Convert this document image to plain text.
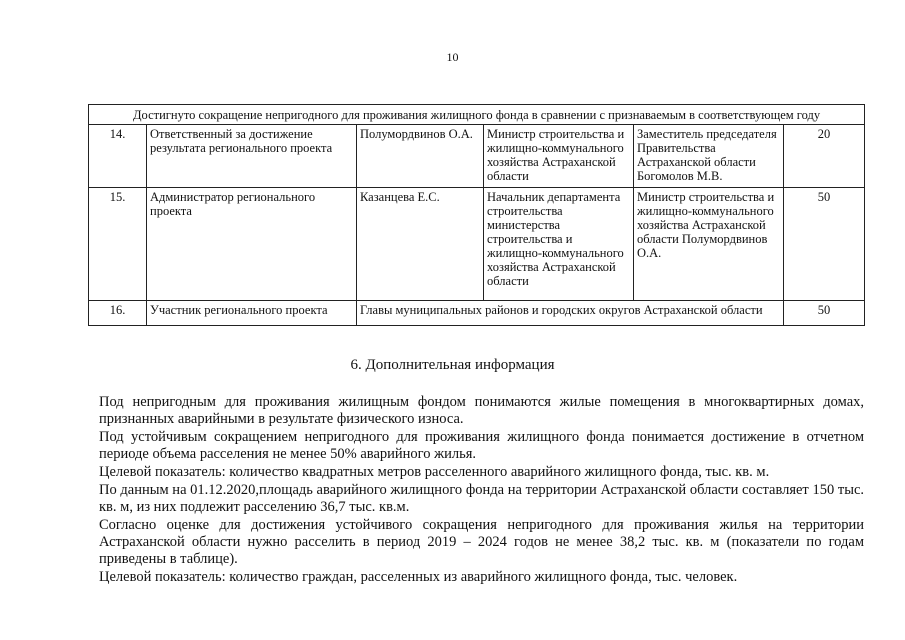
10
Достигнуто сокращение непригодного для проживания жилищного фонда в сравнении с признаваемым в соответствующем году					
14.	Ответственный за достижение результата регионального проекта	Полумордвинов О.А.	Министр строительства и жилищно-коммунального хозяйства Астраханской области	Заместитель председателя Правительства Астраханской области Богомолов М.В.	20
15.	Администратор регионального проекта	Казанцева Е.С.	Начальник департамента строительства министерства строительства и жилищно-коммунального хозяйства Астраханской области	Министр строительства и жилищно-коммунального хозяйства Астраханской области Полумордвинов О.А.	50
16.	Участник регионального проекта	Главы муниципальных районов и городских округов Астраханской области			50
6. Дополнительная информация

Под непригодным для проживания жилищным фондом понимаются жилые помещения в многоквартирных домах, признанных аварийными в результате физического износа.

Под устойчивым сокращением непригодного для проживания жилищного фонда понимается достижение в отчетном периоде объема расселения не менее 50% аварийного жилья.

Целевой показатель: количество квадратных метров расселенного аварийного жилищного фонда, тыс. кв. м.

По данным на 01.12.2020,площадь аварийного жилищного фонда на территории Астраханской области составляет 150 тыс. кв. м, из них подлежит расселению 36,7 тыс. кв.м.

Согласно оценке для достижения устойчивого сокращения непригодного для проживания жилья на территории Астраханской области нужно расселить в период 2019 – 2024 годов не менее 38,2 тыс. кв. м (показатели по годам приведены в таблице).

Целевой показатель: количество граждан, расселенных из аварийного жилищного фонда, тыс. человек.
